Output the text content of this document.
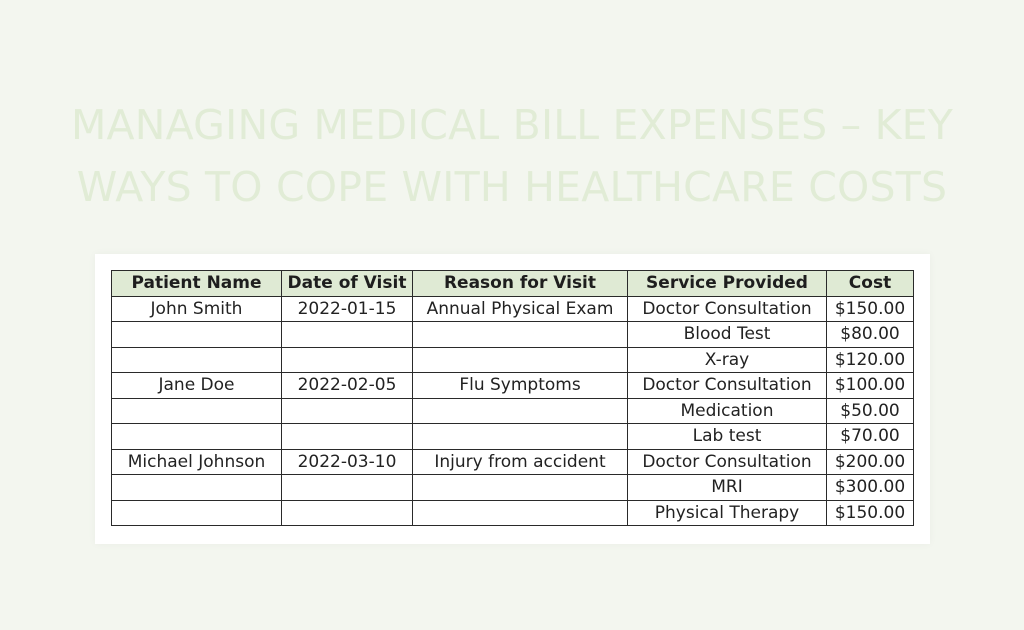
MANAGING MEDICAL BILL EXPENSES – KEY
WAYS TO COPE WITH HEALTHCARE COSTS
Patient Name	Date of Visit	Reason for Visit	Service Provided	Cost
John Smith	2022-01-15	Annual Physical Exam	Doctor Consultation	$150.00
			Blood Test	$80.00
			X-ray	$120.00
Jane Doe	2022-02-05	Flu Symptoms	Doctor Consultation	$100.00
			Medication	$50.00
			Lab test	$70.00
Michael Johnson	2022-03-10	Injury from accident	Doctor Consultation	$200.00
			MRI	$300.00
			Physical Therapy	$150.00
